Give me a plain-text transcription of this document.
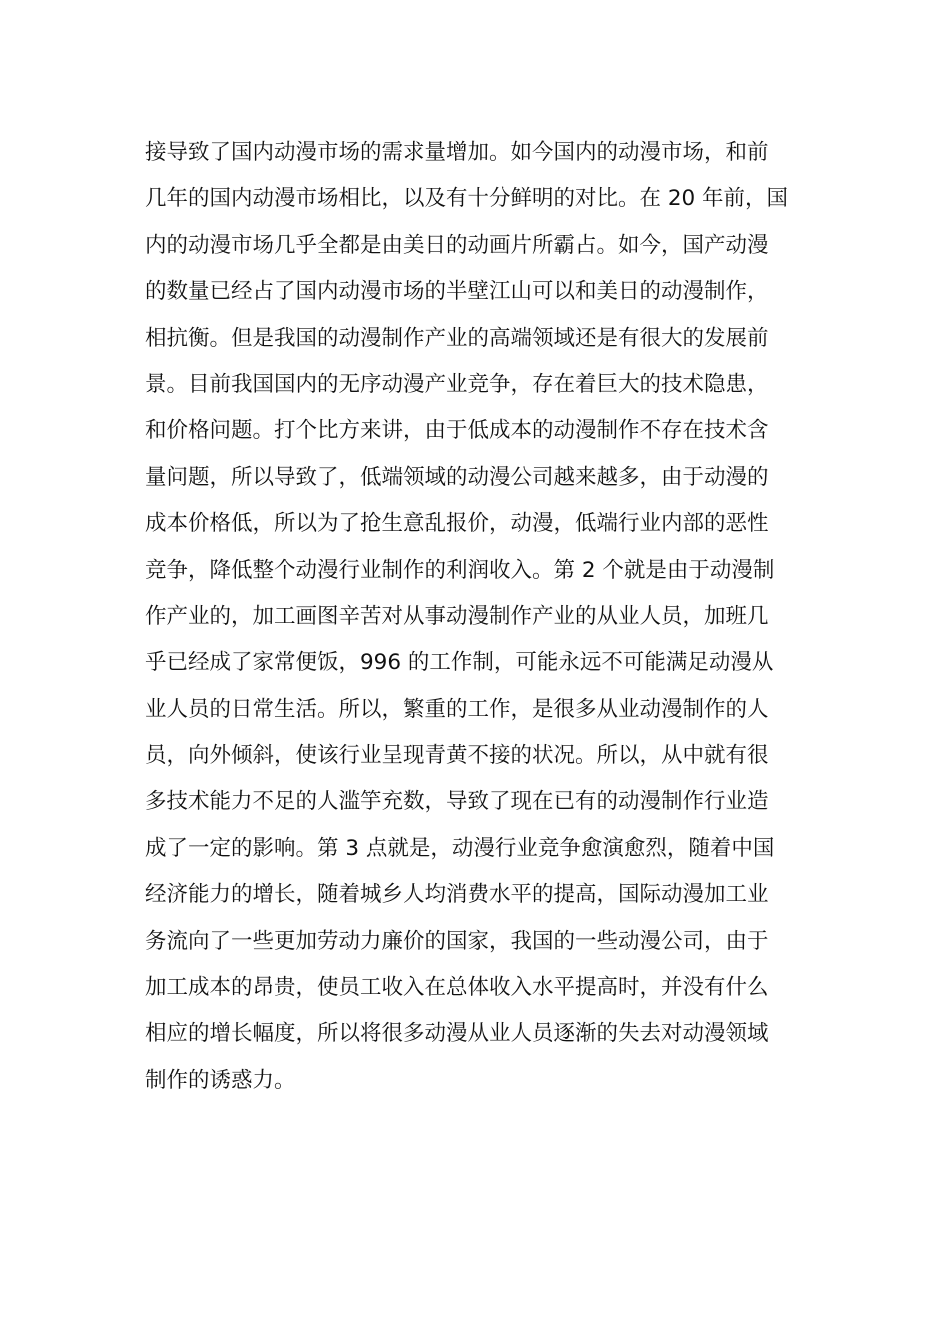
接导致了国内动漫市场的需求量增加。如今国内的动漫市场，和前
几年的国内动漫市场相比，以及有十分鲜明的对比。在 20 年前，国
内的动漫市场几乎全都是由美日的动画片所霸占。如今，国产动漫
的数量已经占了国内动漫市场的半壁江山可以和美日的动漫制作，
相抗衡。但是我国的动漫制作产业的高端领域还是有很大的发展前
景。目前我国国内的无序动漫产业竞争，存在着巨大的技术隐患，
和价格问题。打个比方来讲，由于低成本的动漫制作不存在技术含
量问题，所以导致了，低端领域的动漫公司越来越多，由于动漫的
成本价格低，所以为了抢生意乱报价，动漫，低端行业内部的恶性
竞争，降低整个动漫行业制作的利润收入。第 2 个就是由于动漫制
作产业的，加工画图辛苦对从事动漫制作产业的从业人员，加班几
乎已经成了家常便饭，996 的工作制，可能永远不可能满足动漫从
业人员的日常生活。所以，繁重的工作，是很多从业动漫制作的人
员，向外倾斜，使该行业呈现青黄不接的状况。所以，从中就有很
多技术能力不足的人滥竽充数，导致了现在已有的动漫制作行业造
成了一定的影响。第 3 点就是，动漫行业竞争愈演愈烈，随着中国
经济能力的增长，随着城乡人均消费水平的提高，国际动漫加工业
务流向了一些更加劳动力廉价的国家，我国的一些动漫公司，由于
加工成本的昂贵，使员工收入在总体收入水平提高时，并没有什么
相应的增长幅度，所以将很多动漫从业人员逐渐的失去对动漫领域
制作的诱惑力。
